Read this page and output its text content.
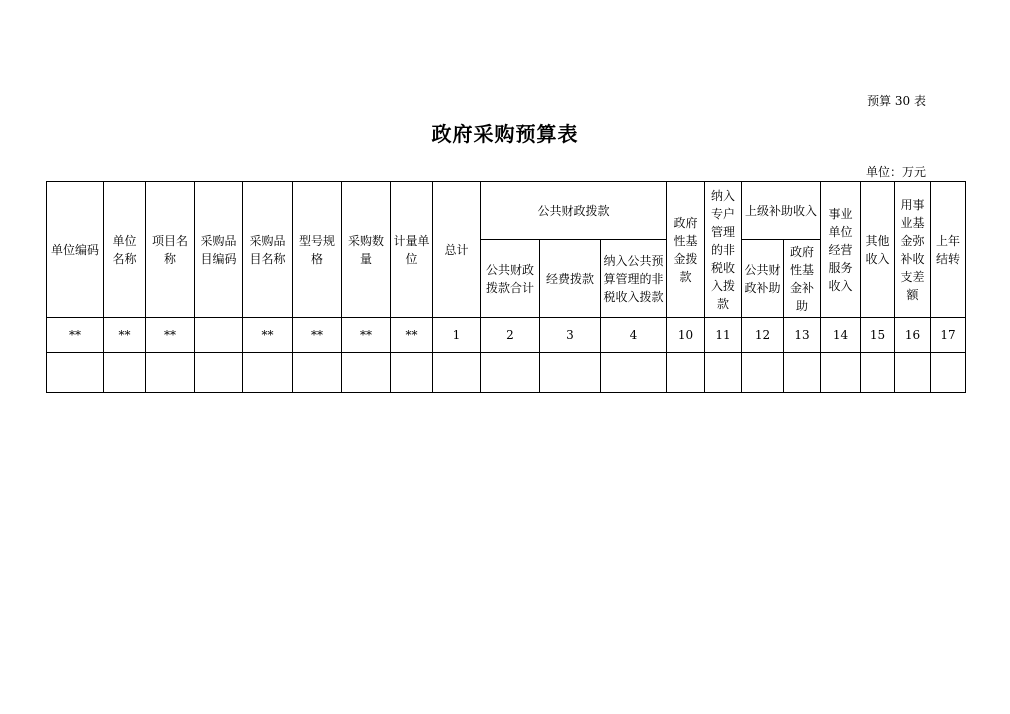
预算 30 表
政府采购预算表
单位：万元
单位编码	单位名称	项目名称	采购品目编码	采购品目名称	型号规格	采购数量	计量单位	总计	公共财政拨款			政府性基金拨款	纳入专户管理的非税收入拨款	上级补助收入		事业单位经营服务收入	其他收入	用事业基金弥补收支差额	上年结转

									公共财政拨款合计	经费拨款	纳入公共预算管理的非税收入拨款			公共财政补助	政府性基金补助				
**	**	**		**	**	**	**	1	2	3	4	10	11	12	13	14	15	16	17
